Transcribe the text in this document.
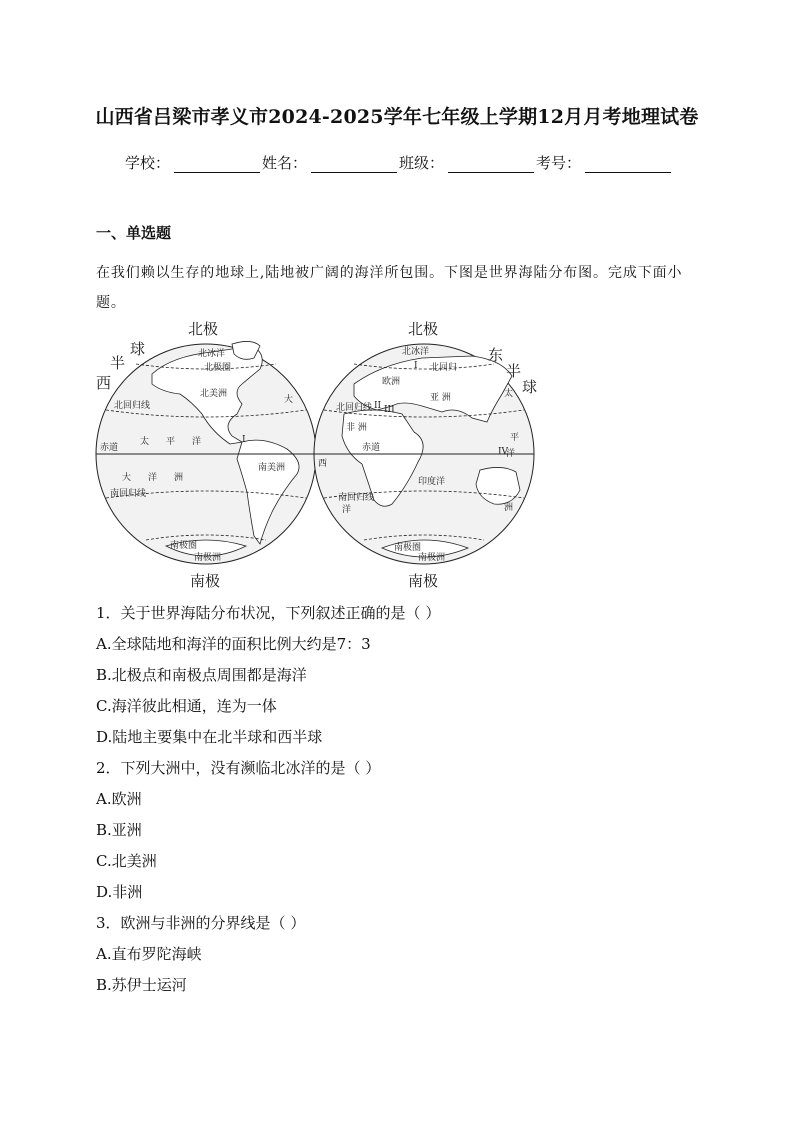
山西省吕梁市孝义市2024-2025学年七年级上学期12月月考地理试卷
学校：	姓名：	班级：	考号：
一、单选题
在我们赖以生存的地球上,陆地被广阔的海洋所包围。下图是世界海陆分布图。完成下面小题。
北极	北极
南极	南极
西
半
球	东
半
球
北冰洋
北极圈
北美洲
北回归线
大
赤道
太 平 洋
南美洲
大 洋 洲
南回归线
南极圈
南极洲
I
北冰洋
北回归
欧洲
亚 洲
北回归线
太
非 洲
赤道
平
西
印度洋
洋
南回归线
洋	洲
南极圈
南极洲
I
II III
IV
1．关于世界海陆分布状况，下列叙述正确的是（ ）
A.全球陆地和海洋的面积比例大约是7：3
B.北极点和南极点周围都是海洋
C.海洋彼此相通，连为一体
D.陆地主要集中在北半球和西半球
2．下列大洲中，没有濒临北冰洋的是（ ）
A.欧洲
B.亚洲
C.北美洲
D.非洲
3．欧洲与非洲的分界线是（ ）
A.直布罗陀海峡
B.苏伊士运河
